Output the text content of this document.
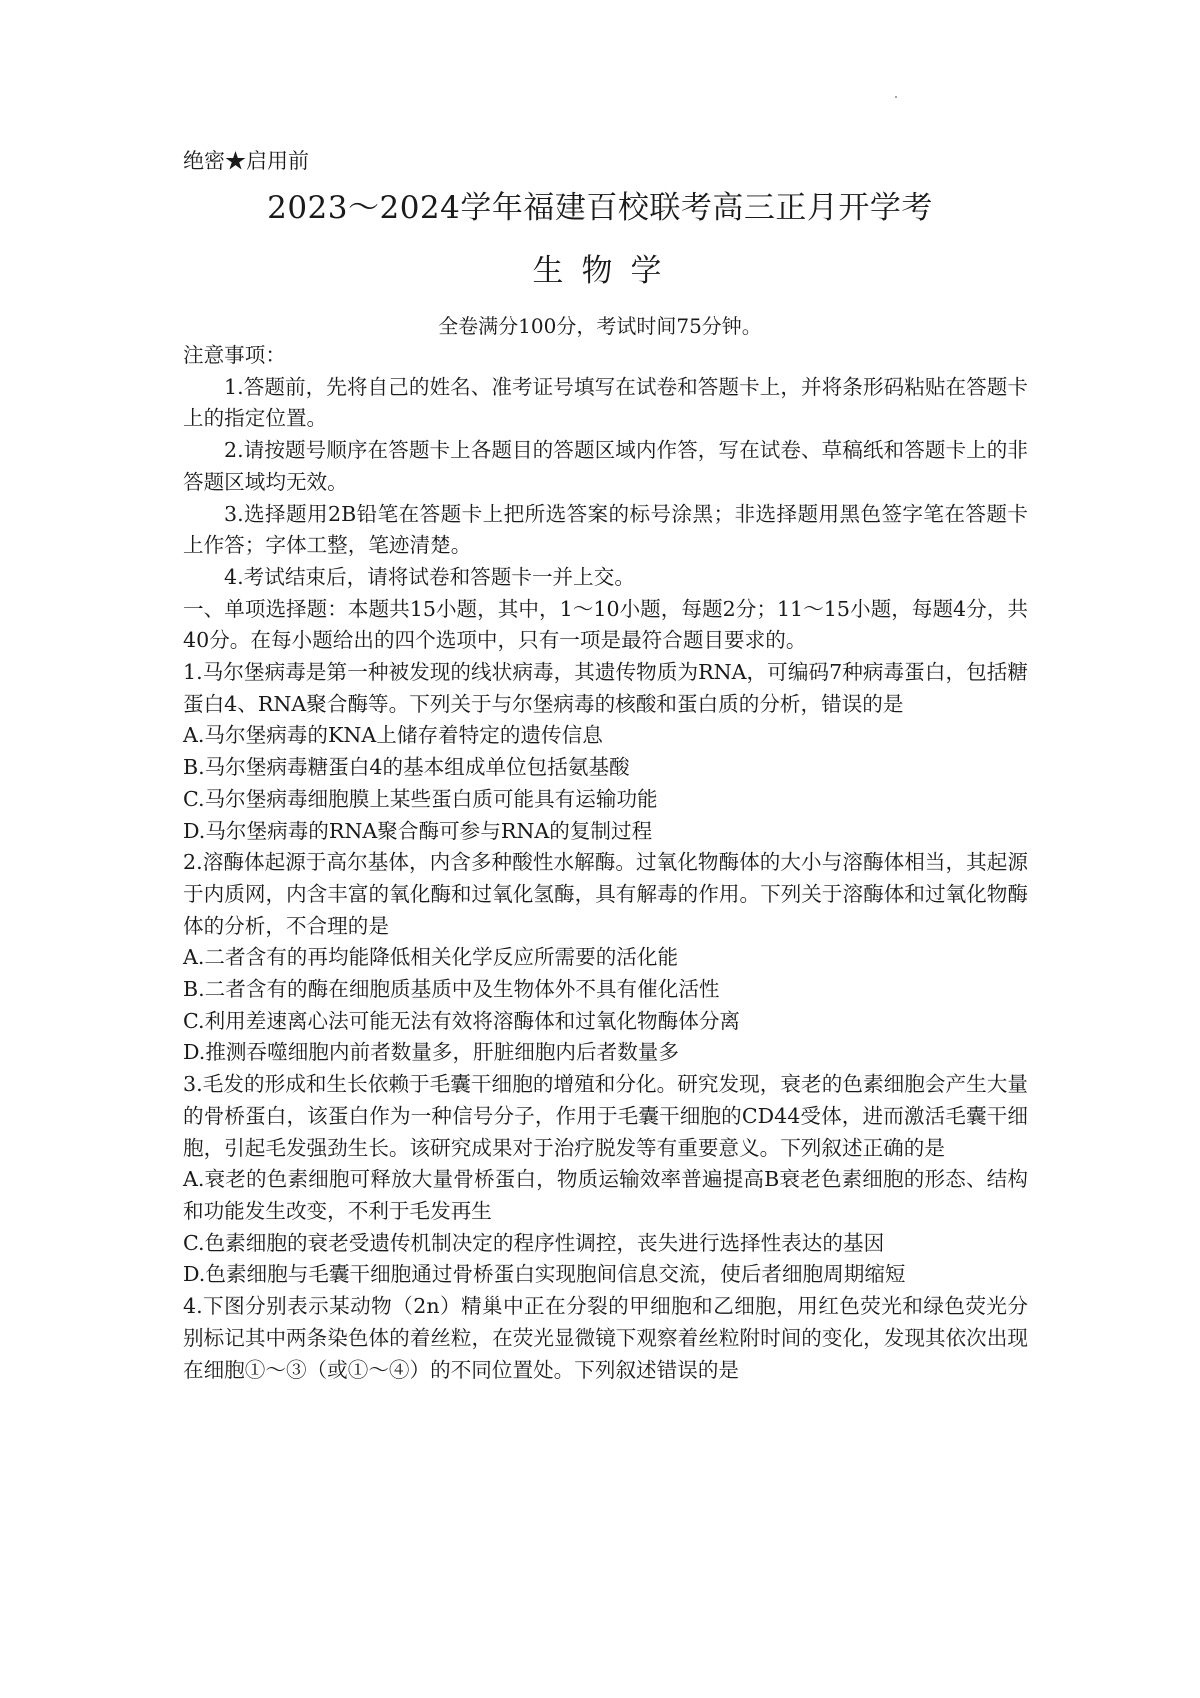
绝密★启用前
2023～2024学年福建百校联考高三正月开学考
生物学
全卷满分100分，考试时间75分钟。

注意事项：

1.答题前，先将自己的姓名、准考证号填写在试卷和答题卡上，并将条形码粘贴在答题卡上的指定位置。

2.请按题号顺序在答题卡上各题目的答题区域内作答，写在试卷、草稿纸和答题卡上的非答题区域均无效。

3.选择题用2B铅笔在答题卡上把所选答案的标号涂黑；非选择题用黑色签字笔在答题卡上作答；字体工整，笔迹清楚。

4.考试结束后，请将试卷和答题卡一并上交。

一、单项选择题：本题共15小题，其中，1～10小题，每题2分；11～15小题，每题4分，共40分。在每小题给出的四个选项中，只有一项是最符合题目要求的。

1.马尔堡病毒是第一种被发现的线状病毒，其遗传物质为RNA，可编码7种病毒蛋白，包括糖蛋白4、RNA聚合酶等。下列关于与尔堡病毒的核酸和蛋白质的分析，错误的是

A.马尔堡病毒的KNA上储存着特定的遗传信息

B.马尔堡病毒糖蛋白4的基本组成单位包括氨基酸

C.马尔堡病毒细胞膜上某些蛋白质可能具有运输功能

D.马尔堡病毒的RNA聚合酶可参与RNA的复制过程

2.溶酶体起源于高尔基体，内含多种酸性水解酶。过氧化物酶体的大小与溶酶体相当，其起源于内质网，内含丰富的氧化酶和过氧化氢酶，具有解毒的作用。下列关于溶酶体和过氧化物酶体的分析，不合理的是

A.二者含有的再均能降低相关化学反应所需要的活化能

B.二者含有的酶在细胞质基质中及生物体外不具有催化活性

C.利用差速离心法可能无法有效将溶酶体和过氧化物酶体分离

D.推测吞噬细胞内前者数量多，肝脏细胞内后者数量多

3.毛发的形成和生长依赖于毛囊干细胞的增殖和分化。研究发现，衰老的色素细胞会产生大量的骨桥蛋白，该蛋白作为一种信号分子，作用于毛囊干细胞的CD44受体，进而激活毛囊干细胞，引起毛发强劲生长。该研究成果对于治疗脱发等有重要意义。下列叙述正确的是

A.衰老的色素细胞可释放大量骨桥蛋白，物质运输效率普遍提高B衰老色素细胞的形态、结构和功能发生改变，不利于毛发再生

C.色素细胞的衰老受遗传机制决定的程序性调控，丧失进行选择性表达的基因

D.色素细胞与毛囊干细胞通过骨桥蛋白实现胞间信息交流，使后者细胞周期缩短

4.下图分别表示某动物（2n）精巢中正在分裂的甲细胞和乙细胞，用红色荧光和绿色荧光分别标记其中两条染色体的着丝粒，在荧光显微镜下观察着丝粒附时间的变化，发现其依次出现在细胞①～③（或①～④）的不同位置处。下列叙述错误的是
